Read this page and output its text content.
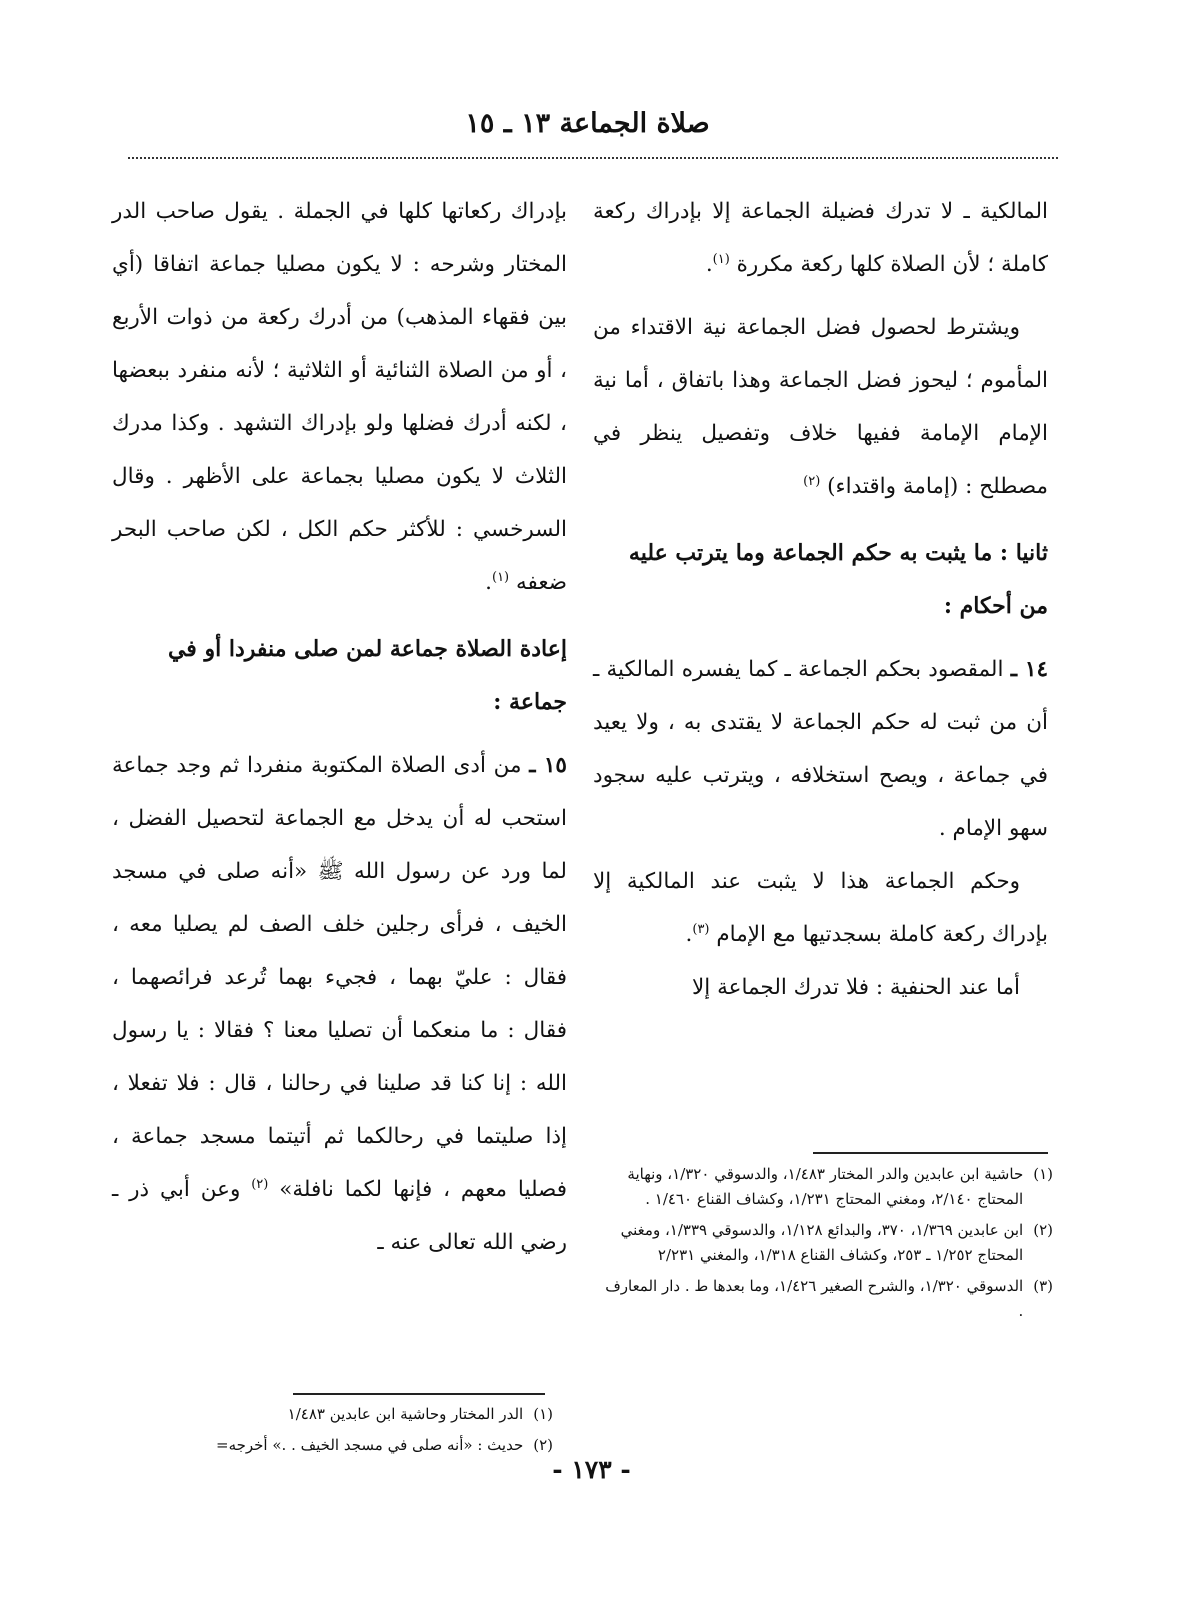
صلاة الجماعة ١٣ ـ ١٥

المالكية ـ لا تدرك فضيلة الجماعة إلا بإدراك ركعة كاملة ؛ لأن الصلاة كلها ركعة مكررة $^{(١)}$.

ويشترط لحصول فضل الجماعة نية الاقتداء من المأموم ؛ ليحوز فضل الجماعة وهذا باتفاق ، أما نية الإمام الإمامة ففيها خلاف وتفصيل ينظر في مصطلح : (إمامة واقتداء) $^{(٢)}$

ثانيا : ما يثبت به حكم الجماعة وما يترتب عليه من أحكام :

١٤ ـ المقصود بحكم الجماعة ـ كما يفسره المالكية ـ أن من ثبت له حكم الجماعة لا يقتدى به ، ولا يعيد في جماعة ، ويصح استخلافه ، ويترتب عليه سجود سهو الإمام .

وحكم الجماعة هذا لا يثبت عند المالكية إلا بإدراك ركعة كاملة بسجدتيها مع الإمام $^{(٣)}$.

أما عند الحنفية : فلا تدرك الجماعة إلا

بإدراك ركعاتها كلها في الجملة . يقول صاحب الدر المختار وشرحه : لا يكون مصليا جماعة اتفاقا (أي بين فقهاء المذهب) من أدرك ركعة من ذوات الأربع ، أو من الصلاة الثنائية أو الثلاثية ؛ لأنه منفرد ببعضها ، لكنه أدرك فضلها ولو بإدراك التشهد . وكذا مدرك الثلاث لا يكون مصليا بجماعة على الأظهر . وقال السرخسي : للأكثر حكم الكل ، لكن صاحب البحر ضعفه $^{(١)}$.

إعادة الصلاة جماعة لمن صلى منفردا أو في جماعة :

١٥ ـ من أدى الصلاة المكتوبة منفردا ثم وجد جماعة استحب له أن يدخل مع الجماعة لتحصيل الفضل ، لما ورد عن رسول الله ﷺ «أنه صلى في مسجد الخيف ، فرأى رجلين خلف الصف لم يصليا معه ، فقال : عليّ بهما ، فجيء بهما تُرعد فرائصهما ، فقال : ما منعكما أن تصليا معنا ؟ فقالا : يا رسول الله : إنا كنا قد صلينا في رحالنا ، قال : فلا تفعلا ، إذا صليتما في رحالكما ثم أتيتما مسجد جماعة ، فصليا معهم ، فإنها لكما نافلة» $^{(٢)}$ وعن أبي ذر ـ رضي الله تعالى عنه ـ

(١)
حاشية ابن عابدين والدر المختار ١/٤٨٣، والدسوقي ١/٣٢٠، ونهاية المحتاج ٢/١٤٠، ومغني المحتاج ١/٢٣١، وكشاف القناع ١/٤٦٠ .
(٢)
ابن عابدين ١/٣٦٩، ٣٧٠، والبدائع ١/١٢٨، والدسوقي ١/٣٣٩، ومغني المحتاج ١/٢٥٢ ـ ٢٥٣، وكشاف القناع ١/٣١٨، والمغني ٢/٢٣١
(٣)
الدسوقي ١/٣٢٠، والشرح الصغير ١/٤٢٦، وما بعدها ط . دار المعارف .
(١)
الدر المختار وحاشية ابن عابدين ١/٤٨٣
(٢)
حديث : «أنه صلى في مسجد الخيف . .» أخرجه=
- ١٧٣ -
